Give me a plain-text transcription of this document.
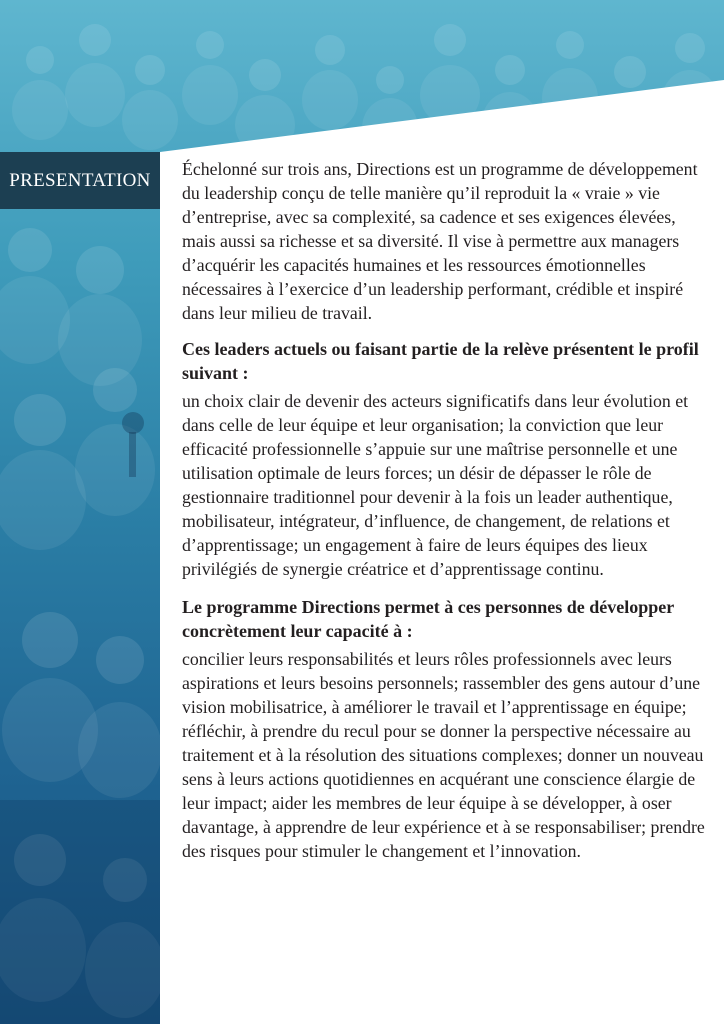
PRESENTATION

Échelonné sur trois ans, Directions est un programme de développement du leadership conçu de telle manière qu’il reproduit la « vraie » vie d’entreprise, avec sa complexité, sa cadence et ses exigences élevées, mais aussi sa richesse et sa diversité. Il vise à permettre aux managers d’acquérir les capacités humaines et les ressources émotionnelles nécessaires à l’exercice d’un leadership performant, crédible et inspiré dans leur milieu de travail.

Ces leaders actuels ou faisant partie de la relève présentent le profil suivant :

un choix clair de devenir des acteurs significatifs dans leur évolution et dans celle de leur équipe et leur organisation; la conviction que leur efficacité professionnelle s’appuie sur une maîtrise personnelle et une utilisation optimale de leurs forces; un désir de dépasser le rôle de gestionnaire traditionnel pour devenir à la fois un leader authentique, mobilisateur, intégrateur, d’influence, de changement, de relations et d’apprentissage; un engagement à faire de leurs équipes des lieux privilégiés de synergie créatrice et d’apprentissage continu.

Le programme Directions permet à ces personnes de développer concrètement leur capacité à :

concilier leurs responsabilités et leurs rôles professionnels avec leurs aspirations et leurs besoins personnels; rassembler des gens autour d’une vision mobilisatrice, à améliorer le travail et l’apprentissage en équipe; réfléchir, à prendre du recul pour se donner la perspective nécessaire au traitement et à la résolution des situations complexes; donner un nouveau sens à leurs actions quotidiennes en acquérant une conscience élargie de leur impact; aider les membres de leur équipe à se développer, à oser davantage, à apprendre de leur expérience et à se responsabiliser; prendre des risques pour stimuler le changement et l’innovation.
